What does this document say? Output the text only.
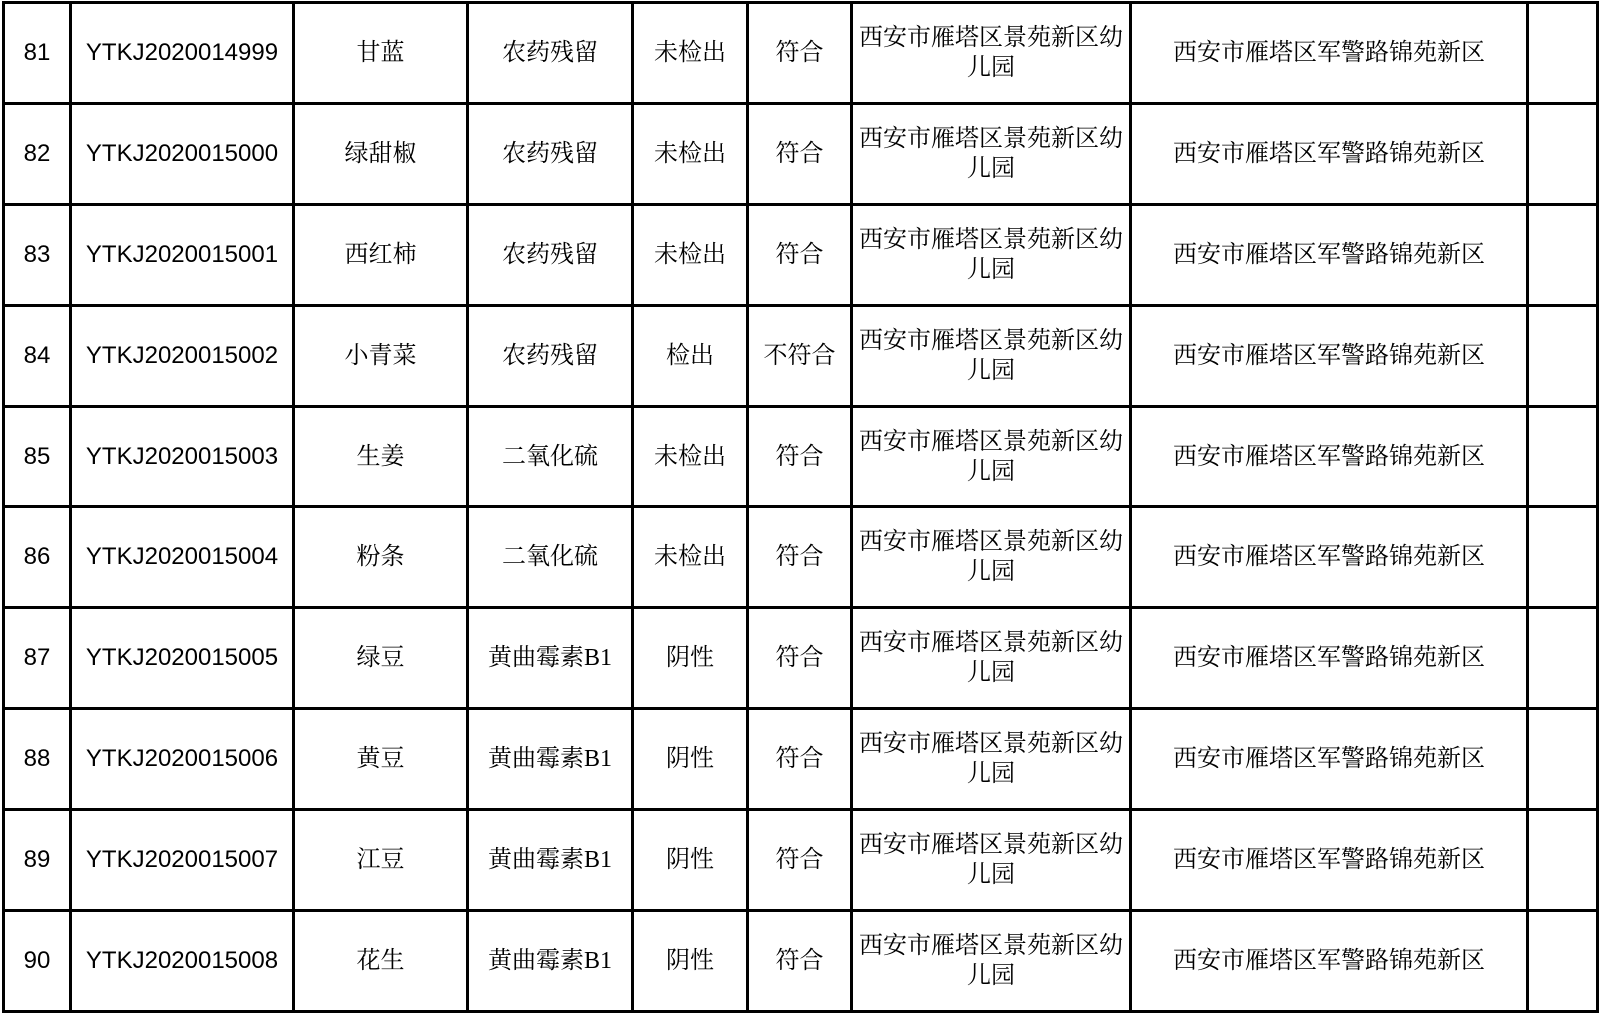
81	YTKJ2020014999	甘蓝	农药残留	未检出	符合	西安市雁塔区景苑新区幼儿园	西安市雁塔区军警路锦苑新区	
82	YTKJ2020015000	绿甜椒	农药残留	未检出	符合	西安市雁塔区景苑新区幼儿园	西安市雁塔区军警路锦苑新区	
83	YTKJ2020015001	西红柿	农药残留	未检出	符合	西安市雁塔区景苑新区幼儿园	西安市雁塔区军警路锦苑新区	
84	YTKJ2020015002	小青菜	农药残留	检出	不符合	西安市雁塔区景苑新区幼儿园	西安市雁塔区军警路锦苑新区	
85	YTKJ2020015003	生姜	二氧化硫	未检出	符合	西安市雁塔区景苑新区幼儿园	西安市雁塔区军警路锦苑新区	
86	YTKJ2020015004	粉条	二氧化硫	未检出	符合	西安市雁塔区景苑新区幼儿园	西安市雁塔区军警路锦苑新区	
87	YTKJ2020015005	绿豆	黄曲霉素B1	阴性	符合	西安市雁塔区景苑新区幼儿园	西安市雁塔区军警路锦苑新区	
88	YTKJ2020015006	黄豆	黄曲霉素B1	阴性	符合	西安市雁塔区景苑新区幼儿园	西安市雁塔区军警路锦苑新区	
89	YTKJ2020015007	江豆	黄曲霉素B1	阴性	符合	西安市雁塔区景苑新区幼儿园	西安市雁塔区军警路锦苑新区	
90	YTKJ2020015008	花生	黄曲霉素B1	阴性	符合	西安市雁塔区景苑新区幼儿园	西安市雁塔区军警路锦苑新区	
